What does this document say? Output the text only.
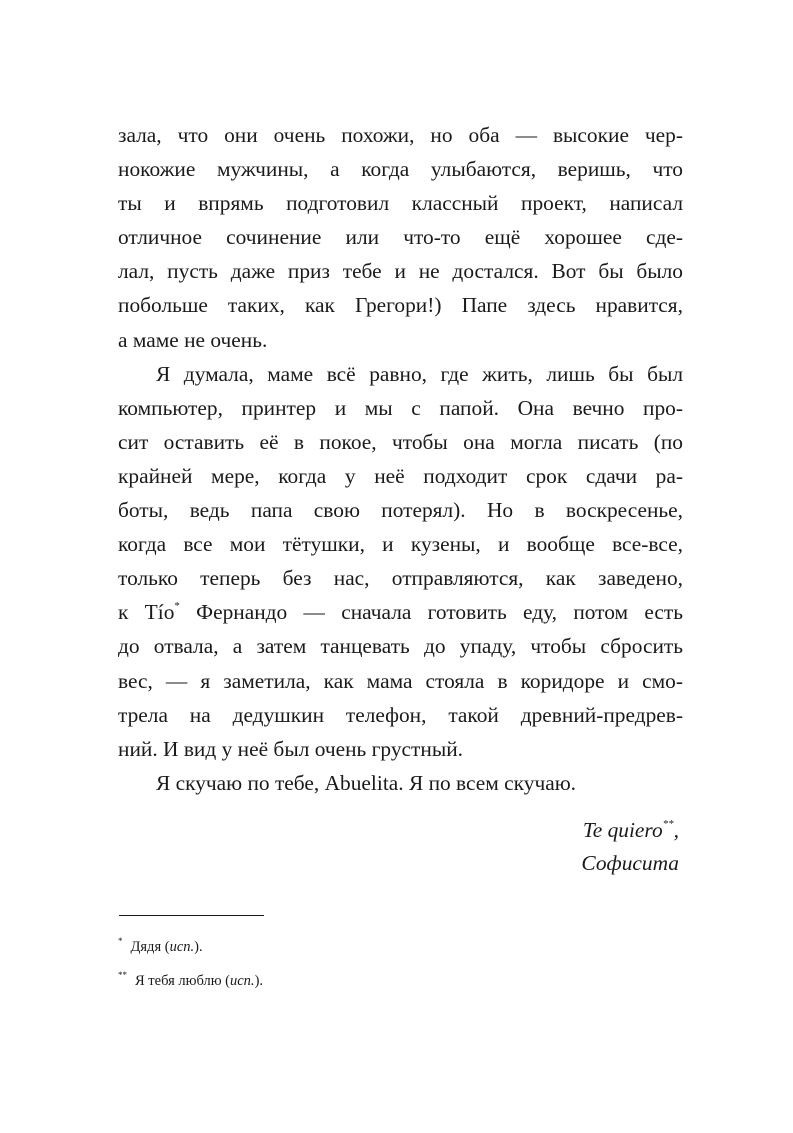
зала, что они очень похожи, но оба — высокие чер-
нокожие мужчины, а когда улыбаются, веришь, что
ты и впрямь подготовил классный проект, написал
отличное сочинение или что-то ещё хорошее сде-
лал, пусть даже приз тебе и не достался. Вот бы было
побольше таких, как Грегори!) Папе здесь нравится,
а маме не очень.
Я думала, маме всё равно, где жить, лишь бы был
компьютер, принтер и мы с папой. Она вечно про-
сит оставить её в покое, чтобы она могла писать (по
крайней мере, когда у неё подходит срок сдачи ра-
боты, ведь папа свою потерял). Но в воскресенье,
когда все мои тётушки, и кузены, и вообще все-все,
только теперь без нас, отправляются, как заведено,
к Tío* Фернандо — сначала готовить еду, потом есть
до отвала, а затем танцевать до упаду, чтобы сбросить
вес, — я заметила, как мама стояла в коридоре и смо-
трела на дедушкин телефон, такой древний-предрев-
ний. И вид у неё был очень грустный.
Я скучаю по тебе, Abuelita. Я по всем скучаю.
Te quiero**,
Софисита
* Дядя (исп.).
** Я тебя люблю (исп.).
